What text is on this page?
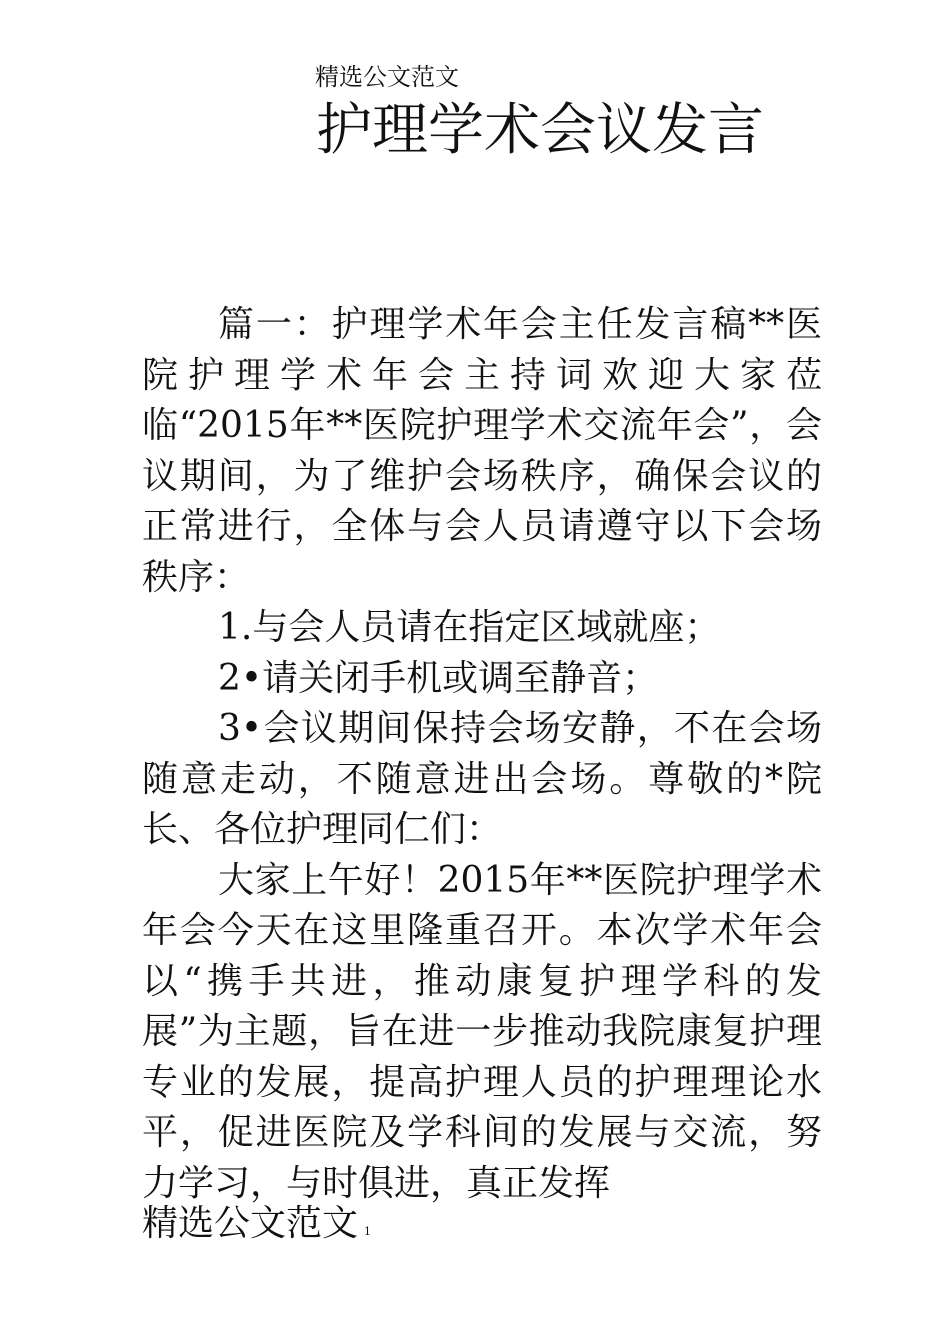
精选公文范文
护理学术会议发言

篇一：护理学术年会主任发言稿**医院护理学术年会主持词欢迎大家莅临“2015年**医院护理学术交流年会”，会议期间，为了维护会场秩序，确保会议的正常进行，全体与会人员请遵守以下会场秩序：

1.与会人员请在指定区域就座；

2•请关闭手机或调至静音；

3•会议期间保持会场安静，不在会场随意走动，不随意进出会场。尊敬的*院长、各位护理同仁们：

大家上午好！2015年**医院护理学术年会今天在这里隆重召开。本次学术年会以“携手共进，推动康复护理学科的发展”为主题，旨在进一步推动我院康复护理专业的发展，提高护理人员的护理理论水平，促进医院及学科间的发展与交流，努力学习，与时俱进，真正发挥

精选公文范文 1
